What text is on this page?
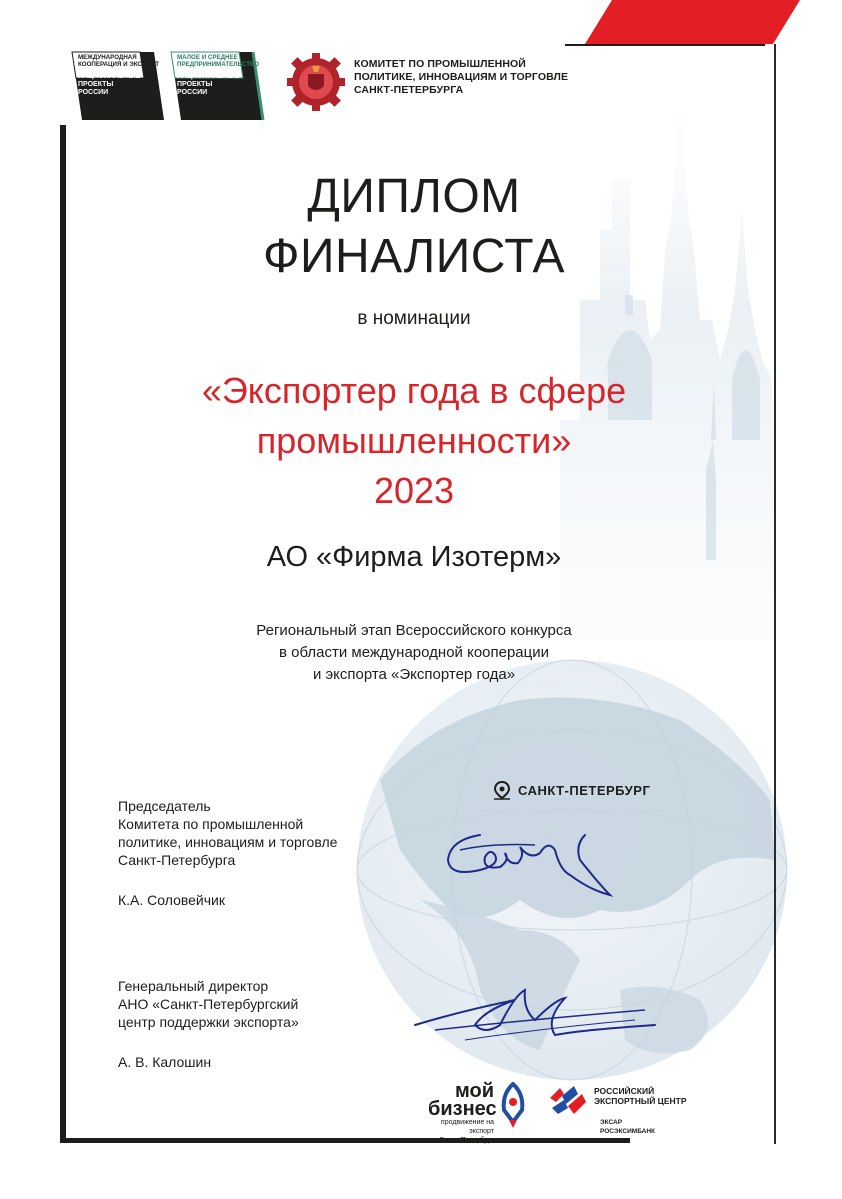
МЕЖДУНАРОДНАЯ
КООПЕРАЦИЯ И ЭКСПОРТ
НАЦИОНАЛЬНЫЕ
ПРОЕКТЫ
РОССИИ
МАЛОЕ И СРЕДНЕЕ
ПРЕДПРИНИМАТЕЛЬСТВО
НАЦИОНАЛЬНЫЕ
ПРОЕКТЫ
РОССИИ
КОМИТЕТ ПО ПРОМЫШЛЕННОЙ
ПОЛИТИКЕ, ИННОВАЦИЯМ И ТОРГОВЛЕ
САНКТ-ПЕТЕРБУРГА
ДИПЛОМ
ФИНАЛИСТА
в номинации
«Экспортер года в сфере
промышленности»
2023
АО «Фирма Изотерм»
Региональный этап Всероссийского конкурса
в области международной кооперации
и экспорта «Экспортер года»
САНКТ-ПЕТЕРБУРГ
Председатель
Комитета по промышленной
политике, инновациям и торговле
Санкт-Петербурга
К.А. Соловейчик
Генеральный директор
АНО «Санкт-Петербургский
центр поддержки экспорта»
А. В. Калошин
мой
бизнес
продвижение на экспорт
Санкт-Петербург
РОССИЙСКИЙ
ЭКСПОРТНЫЙ ЦЕНТР
ЭКСАР
РОСЭКСИМБАНК
